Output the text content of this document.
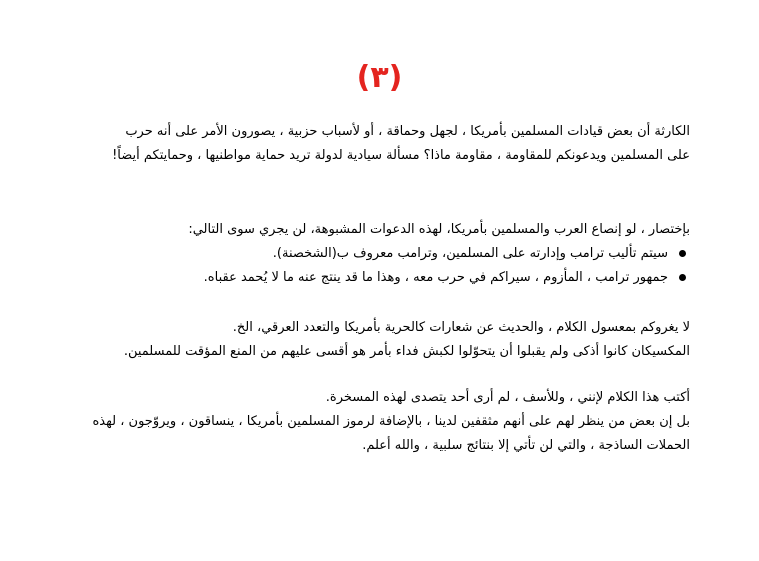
(٣)
الكارثة أن بعض قيادات المسلمين بأمريكا ، لجهل وحماقة ، أو لأسباب حزبية ، يصورون الأمر على أنه حرب
على المسلمين ويدعونكم للمقاومة ، مقاومة ماذا؟ مسألة سيادية لدولة تريد حماية مواطنيها ، وحمايتكم أيضاً!
بإختصار ، لو إنصاع العرب والمسلمين بأمريكا، لهذه الدعوات المشبوهة، لن يجري سوى التالي:
سيتم تأليب ترامب وإدارته على المسلمين، وترامب معروف ب(الشخصنة).
جمهور ترامب ، المأزوم ، سيراكم في حرب معه ، وهذا ما قد ينتج عنه ما لا يُحمد عقباه.
لا يغروكم بمعسول الكلام ، والحديث عن شعارات كالحرية بأمريكا والتعدد العرقي، الخ.
المكسيكان كانوا أذكى ولم يقبلوا أن يتحوّلوا لكبش فداء بأمر هو أقسى عليهم من المنع المؤقت للمسلمين.
أكتب هذا الكلام لإنني ، وللأسف ، لم أرى أحد يتصدى لهذه المسخرة.
بل إن بعض من ينظر لهم على أنهم مثقفين لدينا ، بالإضافة لرموز المسلمين بأمريكا ، ينساقون ، ويروّجون ، لهذه
الحملات الساذجة ، والتي لن تأتي إلا بنتائج سلبية ، والله أعلم.
